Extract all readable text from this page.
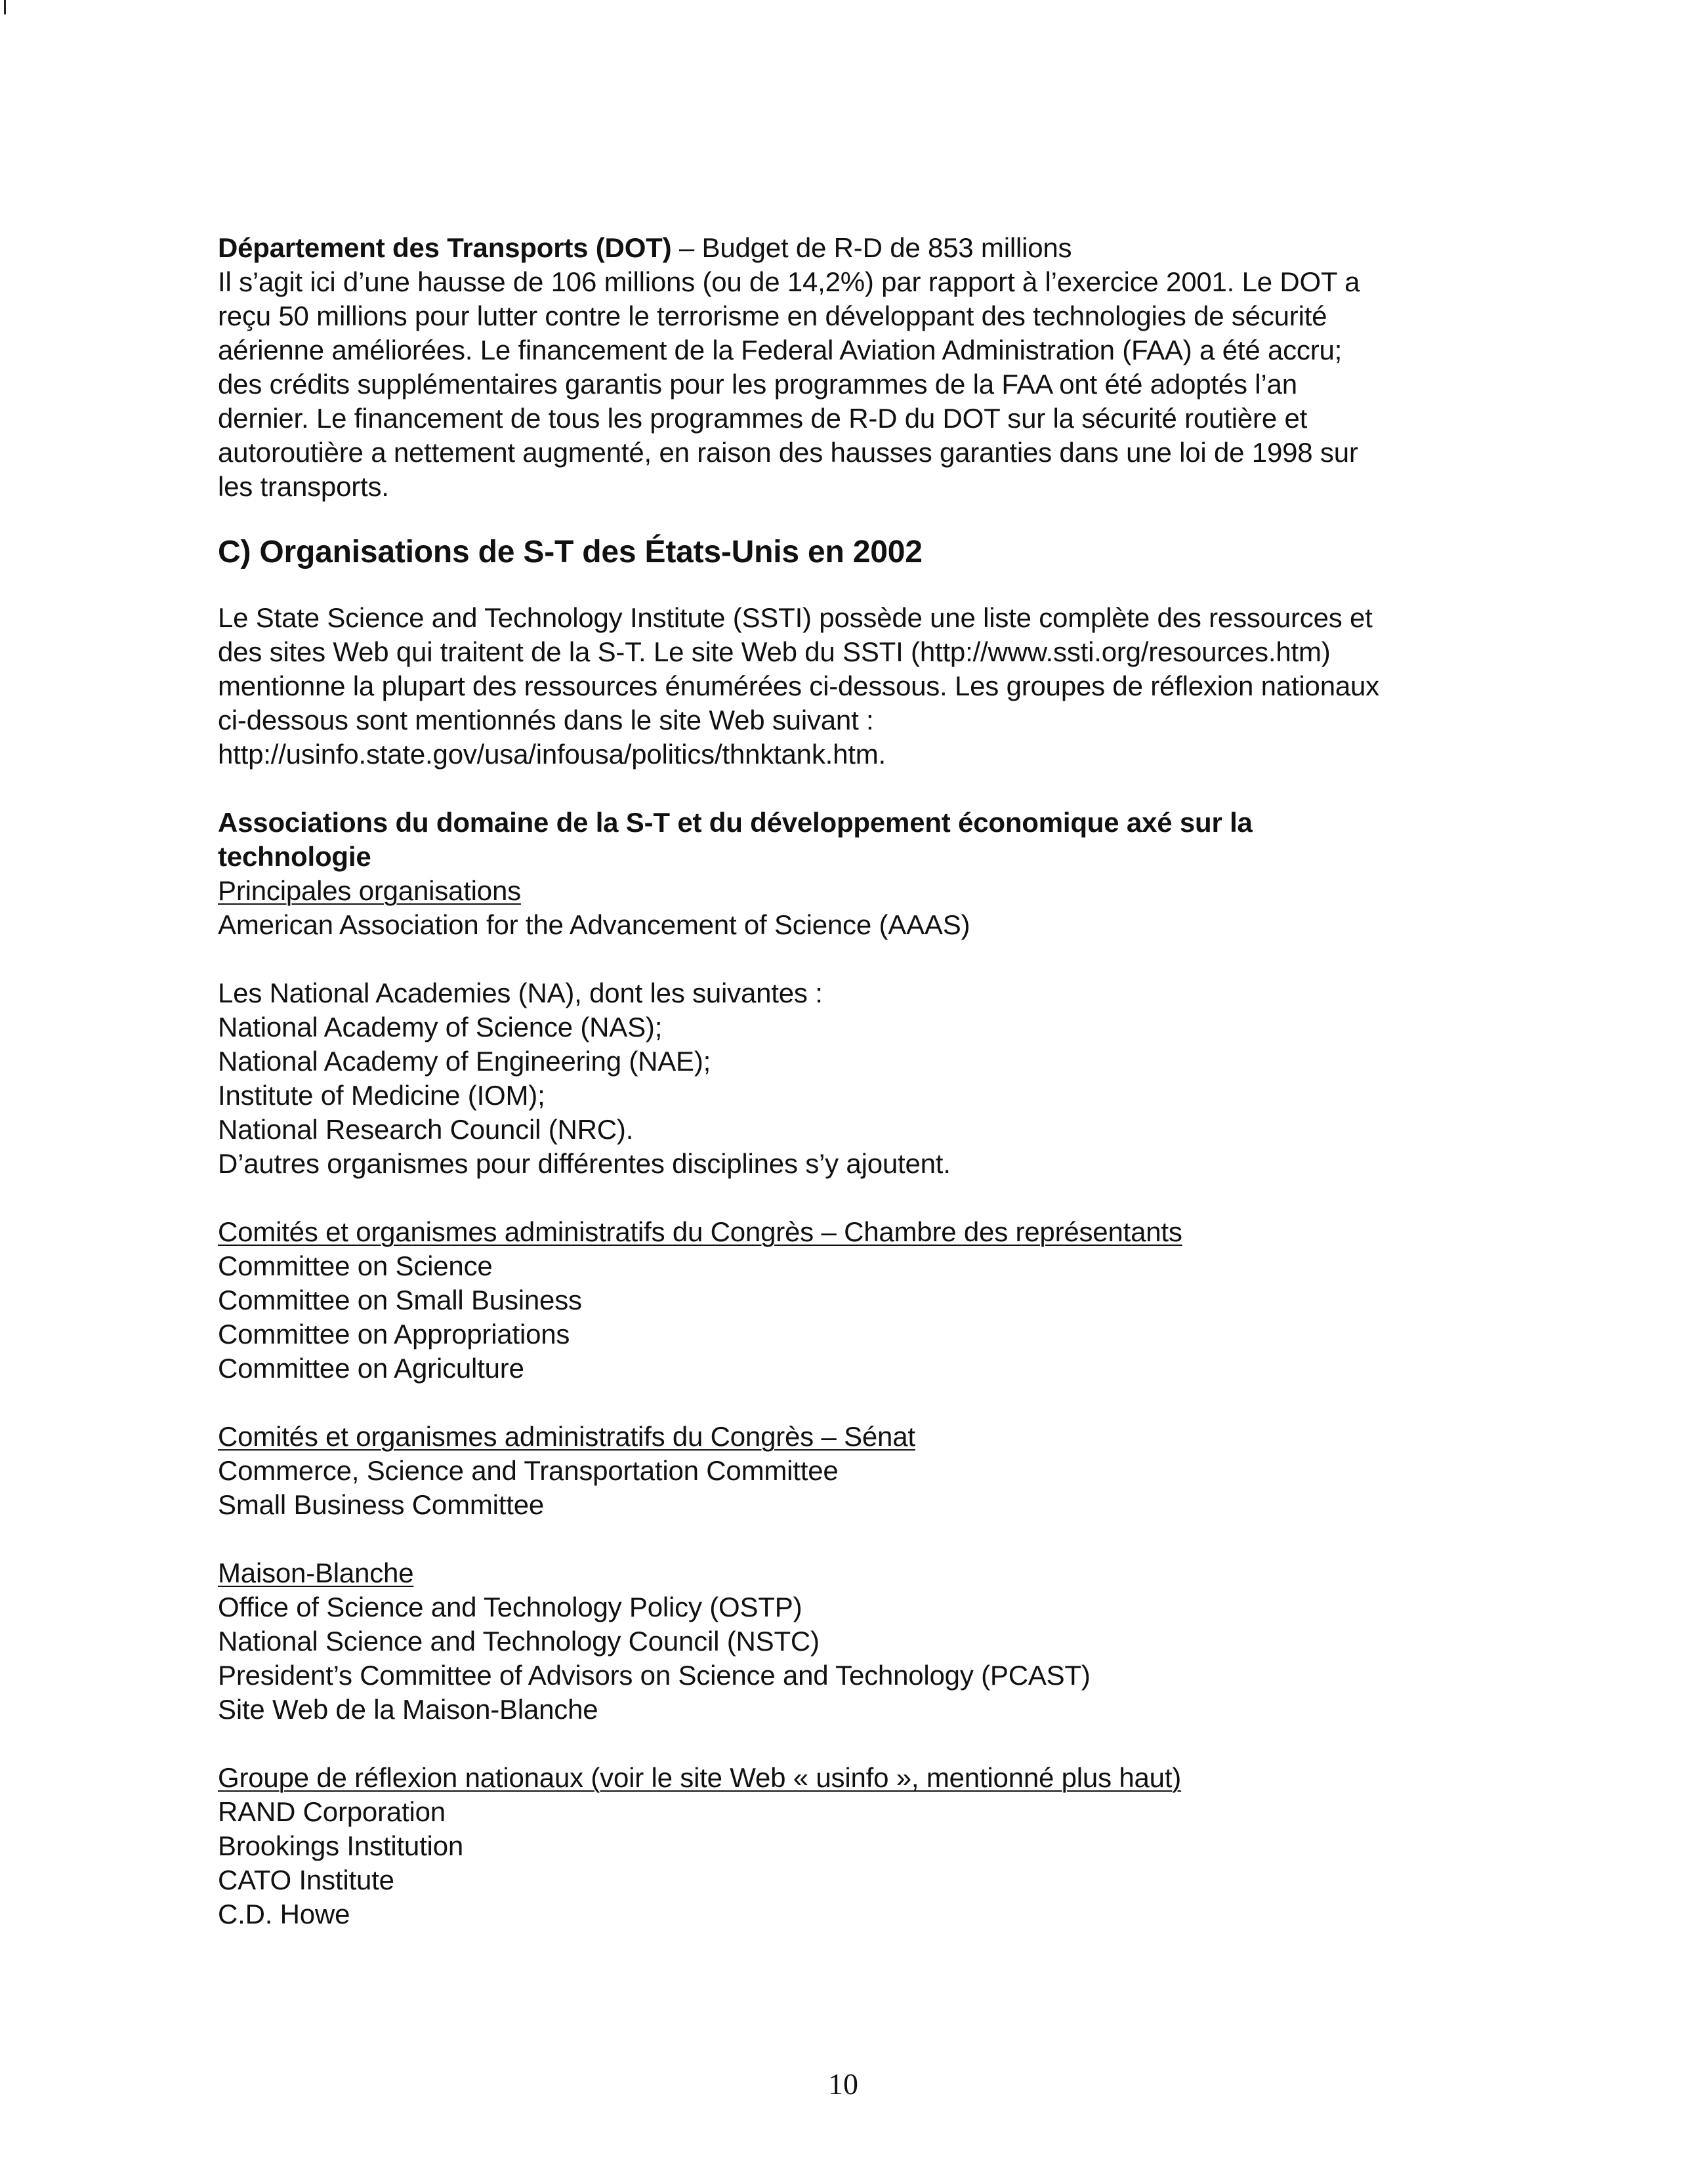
Département des Transports (DOT) – Budget de R-D de 853 millions
Il s’agit ici d’une hausse de 106 millions (ou de 14,2%) par rapport à l’exercice 2001. Le DOT a
reçu 50 millions pour lutter contre le terrorisme en développant des technologies de sécurité
aérienne améliorées. Le financement de la Federal Aviation Administration (FAA) a été accru;
des crédits supplémentaires garantis pour les programmes de la FAA ont été adoptés l’an
dernier. Le financement de tous les programmes de R-D du DOT sur la sécurité routière et
autoroutière a nettement augmenté, en raison des hausses garanties dans une loi de 1998 sur
les transports.
C) Organisations de S-T des États-Unis en 2002
Le State Science and Technology Institute (SSTI) possède une liste complète des ressources et
des sites Web qui traitent de la S-T. Le site Web du SSTI (http://www.ssti.org/resources.htm)
mentionne la plupart des ressources énumérées ci-dessous. Les groupes de réflexion nationaux
ci-dessous sont mentionnés dans le site Web suivant :
http://usinfo.state.gov/usa/infousa/politics/thnktank.htm.
Associations du domaine de la S-T et du développement économique axé sur la
technologie
Principales organisations
American Association for the Advancement of Science (AAAS)
Les National Academies (NA), dont les suivantes :
National Academy of Science (NAS);
National Academy of Engineering (NAE);
Institute of Medicine (IOM);
National Research Council (NRC).
D’autres organismes pour différentes disciplines s’y ajoutent.
Comités et organismes administratifs du Congrès – Chambre des représentants
Committee on Science
Committee on Small Business
Committee on Appropriations
Committee on Agriculture
Comités et organismes administratifs du Congrès – Sénat
Commerce, Science and Transportation Committee
Small Business Committee
Maison-Blanche
Office of Science and Technology Policy (OSTP)
National Science and Technology Council (NSTC)
President’s Committee of Advisors on Science and Technology (PCAST)
Site Web de la Maison-Blanche
Groupe de réflexion nationaux (voir le site Web « usinfo », mentionné plus haut)
RAND Corporation
Brookings Institution
CATO Institute
C.D. Howe
10
